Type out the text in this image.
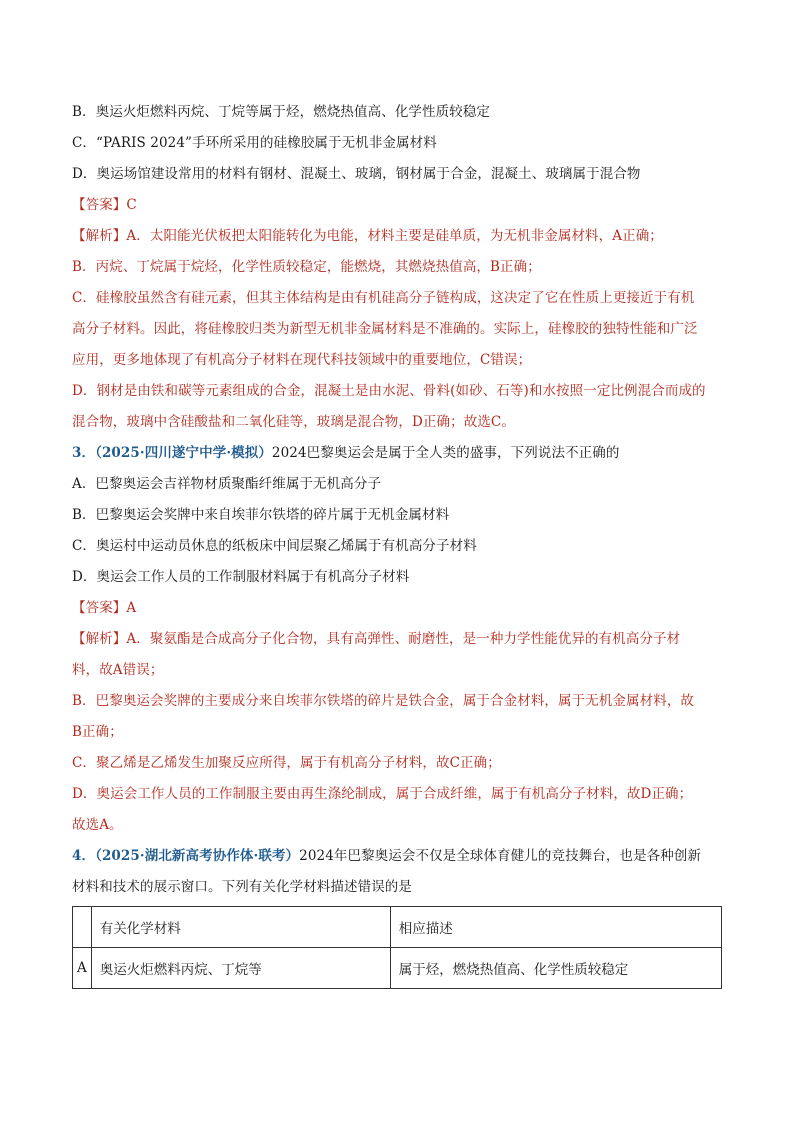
B．奥运火炬燃料丙烷、丁烷等属于烃，燃烧热值高、化学性质较稳定
C．“PARIS 2024”手环所采用的硅橡胶属于无机非金属材料
D．奥运场馆建设常用的材料有钢材、混凝土、玻璃，钢材属于合金，混凝土、玻璃属于混合物
【答案】C
【解析】A．太阳能光伏板把太阳能转化为电能，材料主要是硅单质，为无机非金属材料，A正确；
B．丙烷、丁烷属于烷烃，化学性质较稳定，能燃烧，其燃烧热值高，B正确；
C．硅橡胶虽然含有硅元素，但其主体结构是由有机硅高分子链构成，这决定了它在性质上更接近于有机
高分子材料。因此，将硅橡胶归类为新型无机非金属材料是不准确的。实际上，硅橡胶的独特性能和广泛
应用，更多地体现了有机高分子材料在现代科技领域中的重要地位，C错误；
D．钢材是由铁和碳等元素组成的合金，混凝土是由水泥、骨料(如砂、石等)和水按照一定比例混合而成的
混合物，玻璃中含硅酸盐和二氧化硅等，玻璃是混合物，D正确；故选C。
3．（2025·四川遂宁中学·模拟）2024巴黎奥运会是属于全人类的盛事，下列说法不正确的
A．巴黎奥运会吉祥物材质聚酯纤维属于无机高分子
B．巴黎奥运会奖牌中来自埃菲尔铁塔的碎片属于无机金属材料
C．奥运村中运动员休息的纸板床中间层聚乙烯属于有机高分子材料
D．奥运会工作人员的工作制服材料属于有机高分子材料
【答案】A
【解析】A．聚氨酯是合成高分子化合物，具有高弹性、耐磨性，是一种力学性能优异的有机高分子材
料，故A错误；
B．巴黎奥运会奖牌的主要成分来自埃菲尔铁塔的碎片是铁合金，属于合金材料，属于无机金属材料，故
B正确；
C．聚乙烯是乙烯发生加聚反应所得，属于有机高分子材料，故C正确；
D．奥运会工作人员的工作制服主要由再生涤纶制成，属于合成纤维，属于有机高分子材料，故D正确；
故选A。
4．（2025·湖北新高考协作体·联考）2024年巴黎奥运会不仅是全球体育健儿的竞技舞台，也是各种创新
材料和技术的展示窗口。下列有关化学材料描述错误的是
	有关化学材料	相应描述
A	奥运火炬燃料丙烷、丁烷等	属于烃，燃烧热值高、化学性质较稳定
